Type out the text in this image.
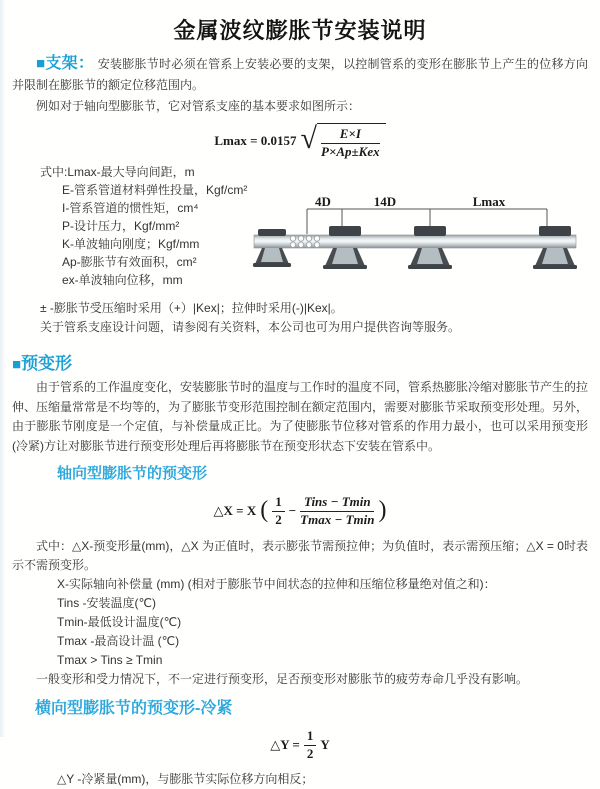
金属波纹膨胀节安装说明

■支架： 安装膨胀节时必须在管系上安装必要的支架，以控制管系的变形在膨胀节上产生的位移方向并限制在膨胀节的额定位移范围内。

例如对于轴向型膨胀节，它对管系支座的基本要求如图所示：

Lmax = 0.0157 √ $\frac{E\times I}{\text{P×Ap±Kex}}$

式中:Lmax-最大导向间距，m

E-管系管道材料弹性投量，Kgf/cm²

I-管系管道的惯性矩，cm⁴

P-设计压力，Kgf/mm²

K-单波轴向刚度；Kgf/mm

Ap-膨胀节有效面积，cm²

ex-单波轴向位移，mm

4D	14D	Lmax

± -膨胀节受压缩时采用（+）|Kex|；拉伸时采用(-)|Kex|。

关于管系支座设计问题，请参阅有关资料，本公司也可为用户提供咨询等服务。

■预变形

由于管系的工作温度变化，安装膨胀节时的温度与工作时的温度不同，管系热膨胀冷缩对膨胀节产生的拉伸、压缩量常常是不均等的，为了膨胀节变形范围控制在额定范围内，需要对膨胀节采取预变形处理。另外，由于膨胀节刚度是一个定值，与补偿量成正比。为了使膨胀节位移对管系的作用力最小，也可以采用预变形(冷紧)方让对膨胀节进行预变形处理后再将膨胀节在预变形状态下安装在管系中。

轴向型膨胀节的预变形
△X = X ( $\frac{1}{2} - \frac{\text{Tins − Tmin}}{Tmax - Tmin}$ )

式中：△X-预变形量(mm)，△X 为正值时，表示膨张节需预拉伸；为负值时，表示需预压缩；△X = 0时表示不需预变形。

X-实际轴向补偿量 (mm) (相对于膨胀节中间状态的拉伸和压缩位移量绝对值之和)：

Tins -安装温度(℃)

Tmin-最低设计温度(℃)

Tmax -最高设计温 (℃)

Tmax > Tins ≥ Tmin

一般变形和受力情况下，不一定进行预变形，足否预变形对膨胀节的疲劳寿命几乎没有影响。

横向型膨胀节的预变形-冷紧
△Y = $\frac{1}{2}$ Y

△Y -冷紧量(mm)，与膨胀节实际位移方向相反；
